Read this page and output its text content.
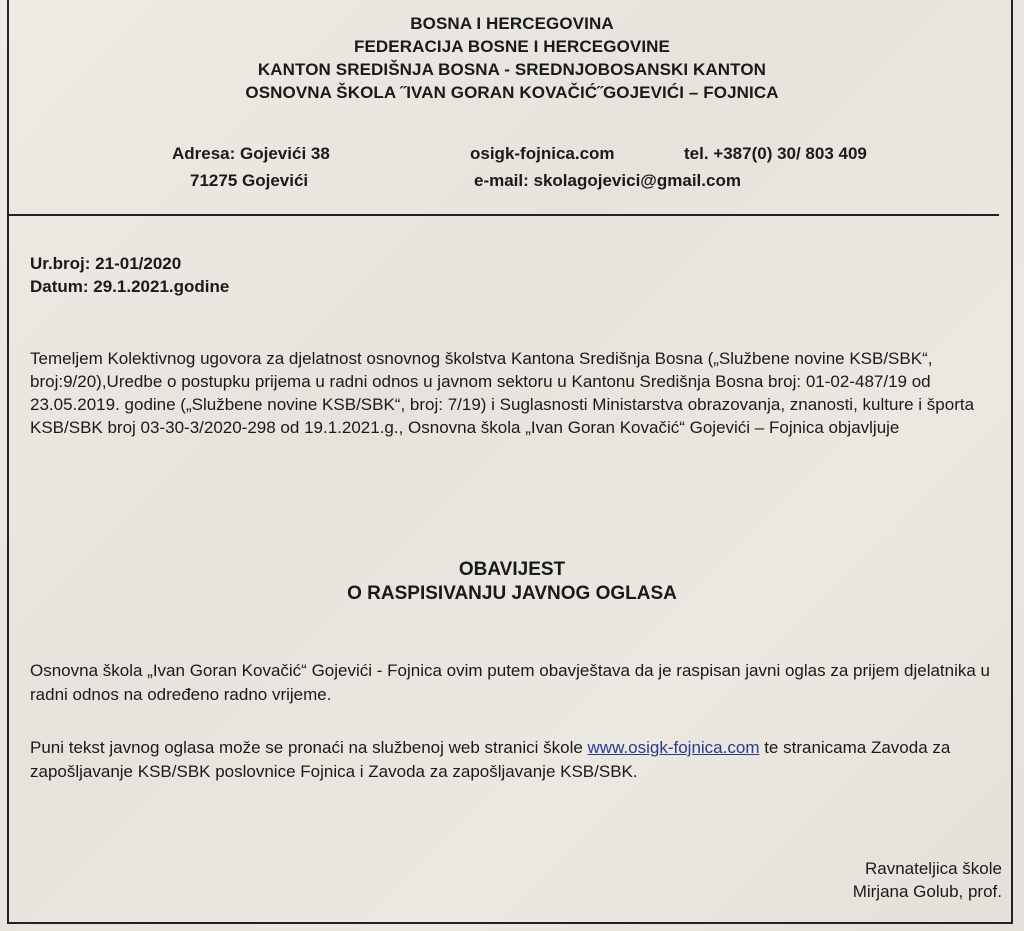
BOSNA I HERCEGOVINA
FEDERACIJA BOSNE I HERCEGOVINE
KANTON SREDIŠNJA BOSNA - SREDNJOBOSANSKI KANTON
OSNOVNA ŠKOLA ˝IVAN GORAN KOVAČIĆ˝GOJEVIĆI – FOJNICA
Adresa: Gojevići 38
71275 Gojevići
osigk-fojnica.com	tel. +387(0) 30/ 803 409
e-mail: skolagojevici@gmail.com
Ur.broj: 21-01/2020
Datum: 29.1.2021.godine
Temeljem Kolektivnog ugovora za djelatnost osnovnog školstva Kantona Središnja Bosna („Službene novine KSB/SBK“, broj:9/20),Uredbe o postupku prijema u radni odnos u javnom sektoru u Kantonu Središnja Bosna broj: 01-02-487/19 od 23.05.2019. godine („Službene novine KSB/SBK“, broj: 7/19) i Suglasnosti Ministarstva obrazovanja, znanosti, kulture i športa KSB/SBK broj 03-30-3/2020-298 od 19.1.2021.g., Osnovna škola „Ivan Goran Kovačić“ Gojevići – Fojnica objavljuje
OBAVIJEST
O RASPISIVANJU JAVNOG OGLASA
Osnovna škola „Ivan Goran Kovačić“ Gojevići - Fojnica ovim putem obavještava da je raspisan javni oglas za prijem djelatnika u radni odnos na određeno radno vrijeme.
Puni tekst javnog oglasa može se pronaći na službenoj web stranici škole www.osigk-fojnica.com te stranicama Zavoda za zapošljavanje KSB/SBK poslovnice Fojnica i Zavoda za zapošljavanje KSB/SBK.
Ravnateljica škole
Mirjana Golub, prof.
